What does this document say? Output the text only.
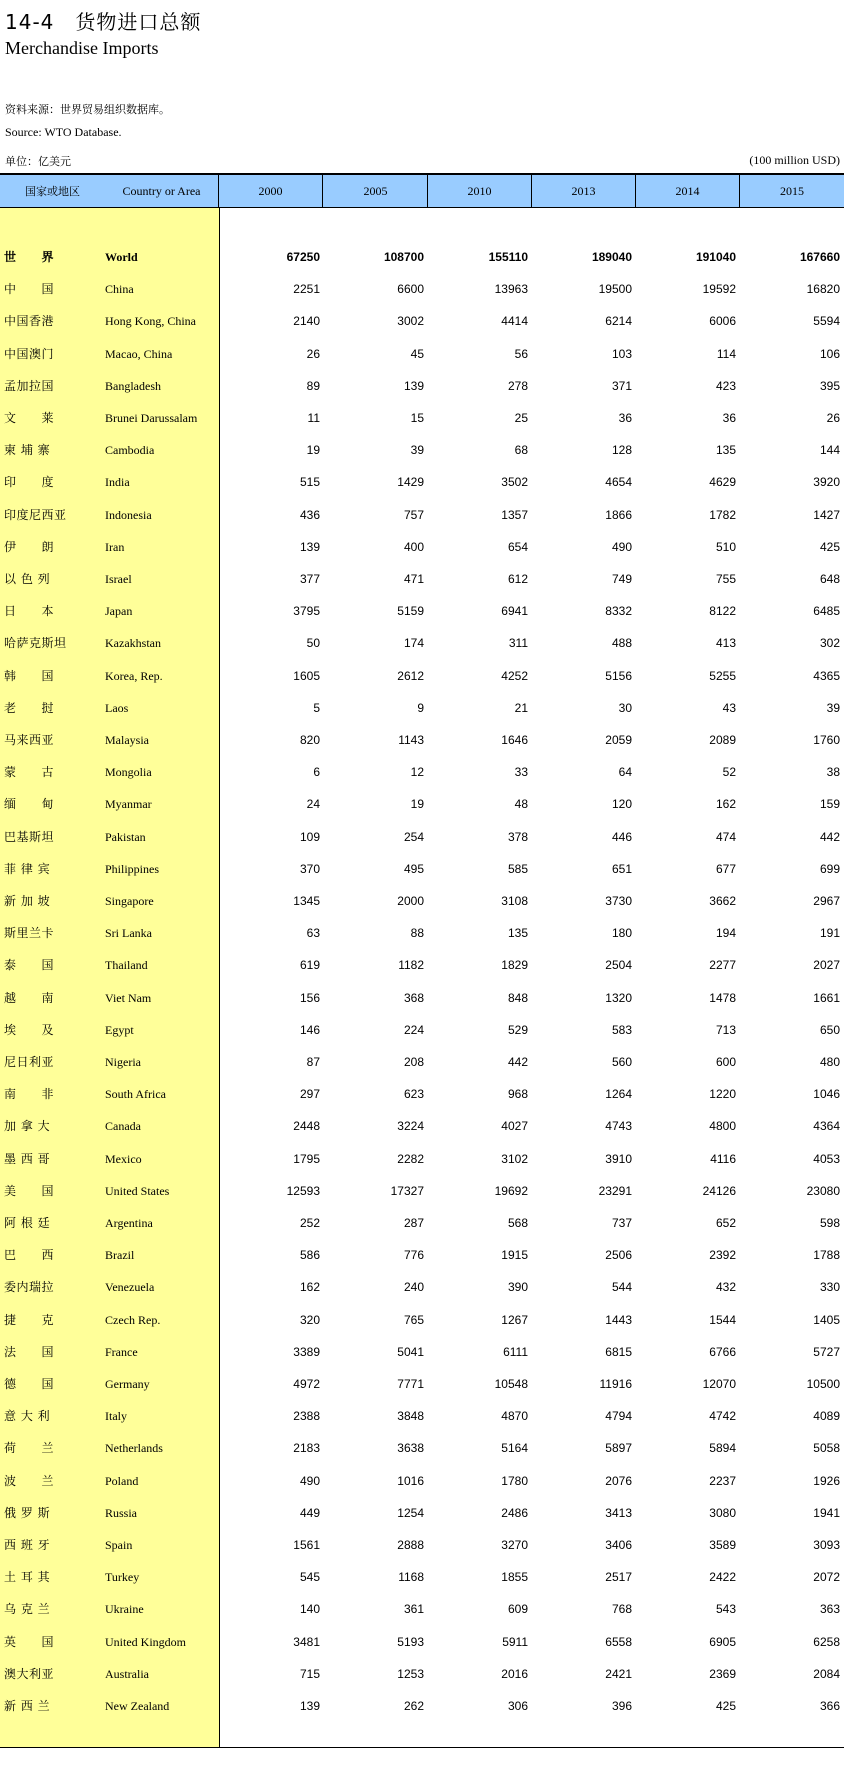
14-4　货物进口总额
Merchandise Imports
资料来源：世界贸易组织数据库。
Source: WTO Database.
单位：亿美元	(100 million USD)
国家或地区	Country or Area	2000	2005	2010	2013	2014	2015
世　　界	World	67250	108700	155110	189040	191040	167660
中　　国	China	2251	6600	13963	19500	19592	16820
中国香港	Hong Kong, China	2140	3002	4414	6214	6006	5594
中国澳门	Macao, China	26	45	56	103	114	106
孟加拉国	Bangladesh	89	139	278	371	423	395
文　　莱	Brunei Darussalam	11	15	25	36	36	26
柬 埔 寨	Cambodia	19	39	68	128	135	144
印　　度	India	515	1429	3502	4654	4629	3920
印度尼西亚	Indonesia	436	757	1357	1866	1782	1427
伊　　朗	Iran	139	400	654	490	510	425
以 色 列	Israel	377	471	612	749	755	648
日　　本	Japan	3795	5159	6941	8332	8122	6485
哈萨克斯坦	Kazakhstan	50	174	311	488	413	302
韩　　国	Korea, Rep.	1605	2612	4252	5156	5255	4365
老　　挝	Laos	5	9	21	30	43	39
马来西亚	Malaysia	820	1143	1646	2059	2089	1760
蒙　　古	Mongolia	6	12	33	64	52	38
缅　　甸	Myanmar	24	19	48	120	162	159
巴基斯坦	Pakistan	109	254	378	446	474	442
菲 律 宾	Philippines	370	495	585	651	677	699
新 加 坡	Singapore	1345	2000	3108	3730	3662	2967
斯里兰卡	Sri Lanka	63	88	135	180	194	191
泰　　国	Thailand	619	1182	1829	2504	2277	2027
越　　南	Viet Nam	156	368	848	1320	1478	1661
埃　　及	Egypt	146	224	529	583	713	650
尼日利亚	Nigeria	87	208	442	560	600	480
南　　非	South Africa	297	623	968	1264	1220	1046
加 拿 大	Canada	2448	3224	4027	4743	4800	4364
墨 西 哥	Mexico	1795	2282	3102	3910	4116	4053
美　　国	United States	12593	17327	19692	23291	24126	23080
阿 根 廷	Argentina	252	287	568	737	652	598
巴　　西	Brazil	586	776	1915	2506	2392	1788
委内瑞拉	Venezuela	162	240	390	544	432	330
捷　　克	Czech Rep.	320	765	1267	1443	1544	1405
法　　国	France	3389	5041	6111	6815	6766	5727
德　　国	Germany	4972	7771	10548	11916	12070	10500
意 大 利	Italy	2388	3848	4870	4794	4742	4089
荷　　兰	Netherlands	2183	3638	5164	5897	5894	5058
波　　兰	Poland	490	1016	1780	2076	2237	1926
俄 罗 斯	Russia	449	1254	2486	3413	3080	1941
西 班 牙	Spain	1561	2888	3270	3406	3589	3093
土 耳 其	Turkey	545	1168	1855	2517	2422	2072
乌 克 兰	Ukraine	140	361	609	768	543	363
英　　国	United Kingdom	3481	5193	5911	6558	6905	6258
澳大利亚	Australia	715	1253	2016	2421	2369	2084
新 西 兰	New Zealand	139	262	306	396	425	366
